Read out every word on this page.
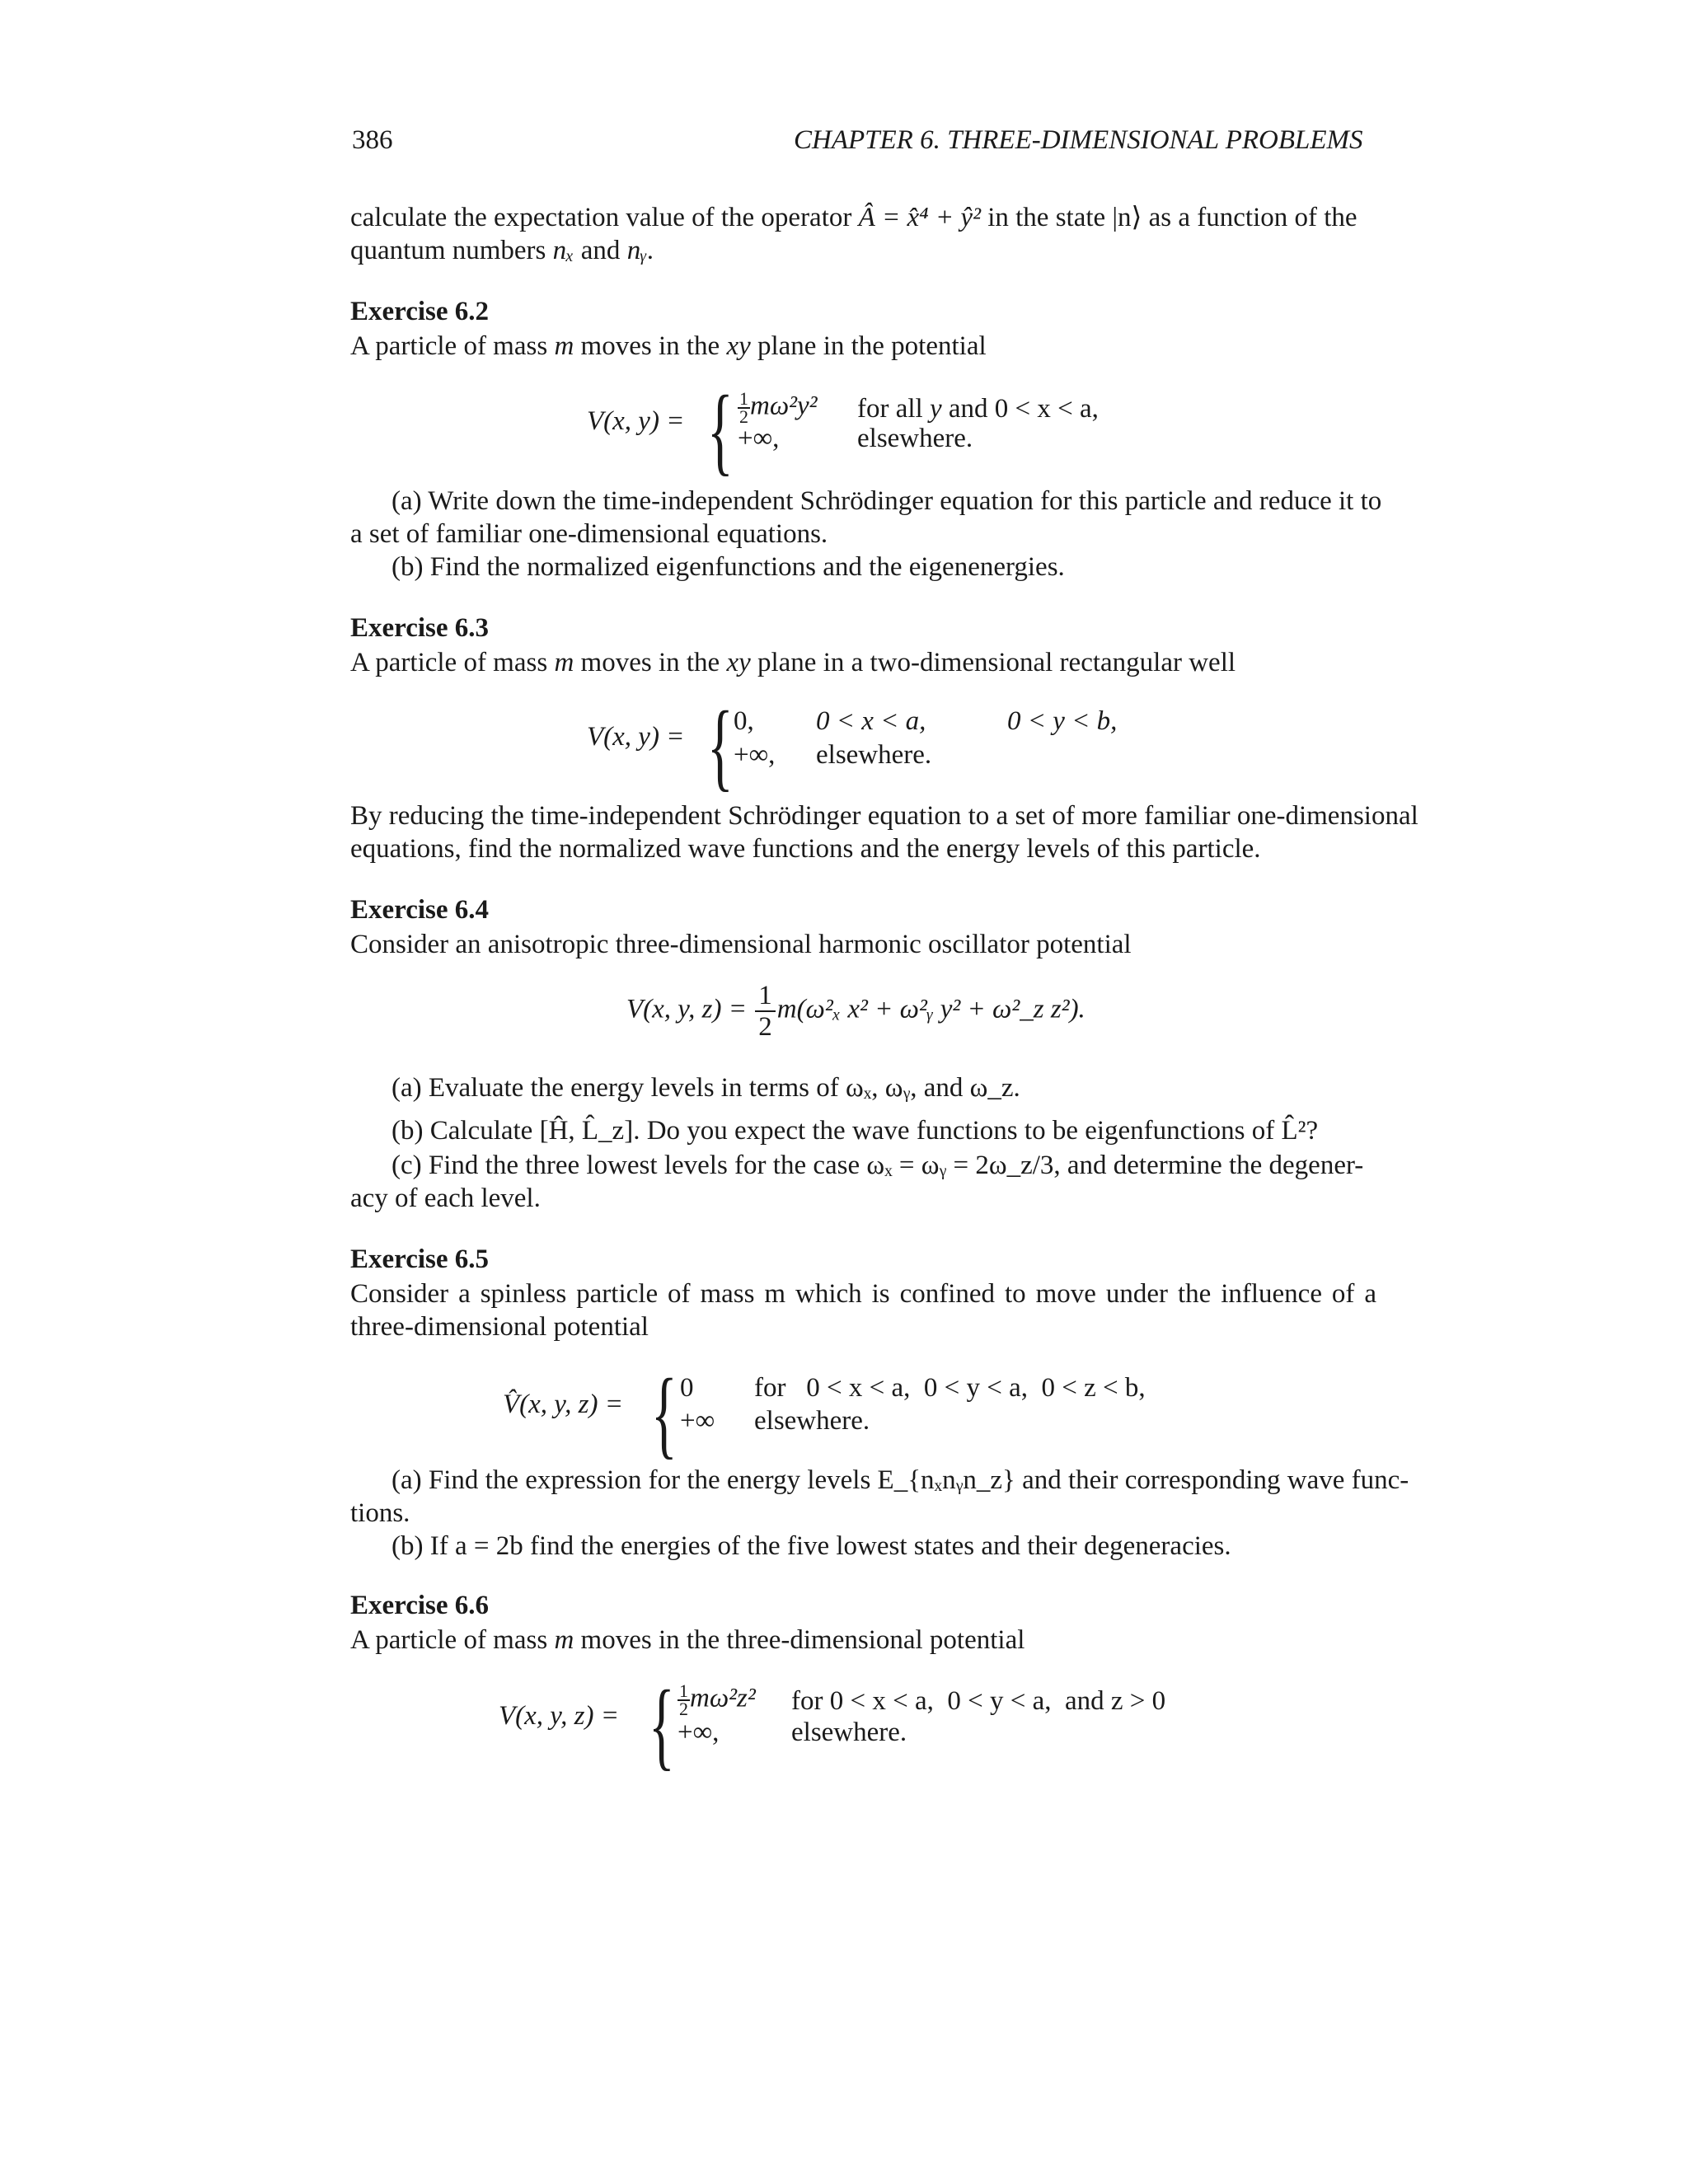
386	CHAPTER 6. THREE-DIMENSIONAL PROBLEMS
calculate the expectation value of the operator Â = x̂⁴ + ŷ² in the state |n⟩ as a function of the
quantum numbers nₓ and nᵧ.
Exercise 6.2
A particle of mass m moves in the xy plane in the potential
V(x, y) = { $\frac{1}{2} m\omega^2y^2$ for all y and 0 < x < a,
+∞,	elsewhere.
(a) Write down the time-independent Schrödinger equation for this particle and reduce it to
a set of familiar one-dimensional equations.
(b) Find the normalized eigenfunctions and the eigenenergies.
Exercise 6.3
A particle of mass m moves in the xy plane in a two-dimensional rectangular well
V(x, y) = { 0, 0 < x < a,	0 < y < b,
+∞, elsewhere.
By reducing the time-independent Schrödinger equation to a set of more familiar one-dimensional
equations, find the normalized wave functions and the energy levels of this particle.
Exercise 6.4
Consider an anisotropic three-dimensional harmonic oscillator potential
V(x, y, $z) = \frac{1}{2} m(\omega^2_x$ x² + ω²ᵧ y² + ω²_z z²).
(a) Evaluate the energy levels in terms of ωₓ, ωᵧ, and ω_z.
(b) Calculate [Ĥ, L̂_z]. Do you expect the wave functions to be eigenfunctions of L̂̂²?
(c) Find the three lowest levels for the case ωₓ = ωᵧ = 2ω_z/3, and determine the degener-
acy of each level.
Exercise 6.5
Consider a spinless particle of mass m which is confined to move under the influence of a
three-dimensional potential
V̂(x, y, z) = { 0 for   0 < x < a,  0 < y < a,  0 < z < b,
+∞ elsewhere.
(a) Find the expression for the energy levels E_{nₓnᵧn_z} and their corresponding wave func-
tions.
(b) If a = 2b find the energies of the five lowest states and their degeneracies.
Exercise 6.6
A particle of mass m moves in the three-dimensional potential
V(x, y, z) = { $\frac{1}{2} m\omega^2z^2$ for 0 < x < a,  0 < y < a,  and z > 0
+∞,	elsewhere.
